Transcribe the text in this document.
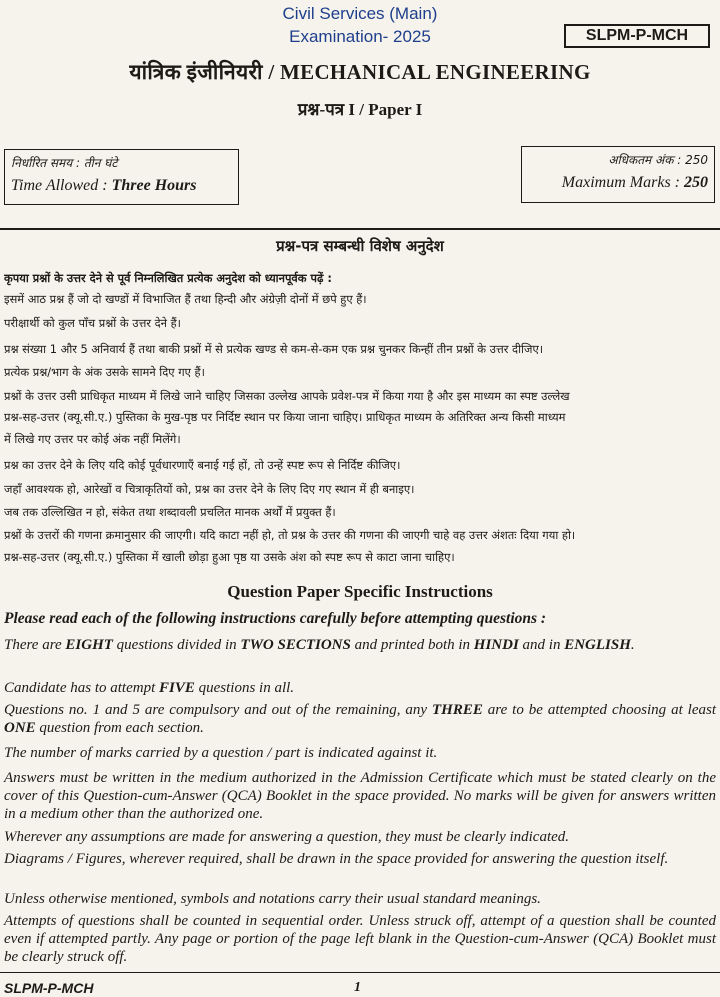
Civil Services (Main)
Examination- 2025	SLPM-P-MCH
यांत्रिक इंजीनियरी / MECHANICAL ENGINEERING
प्रश्न-पत्र I / Paper I
निर्धारित समय : तीन घंटे
Time Allowed : Three Hours
अधिकतम अंक : 250
Maximum Marks : 250
प्रश्न-पत्र सम्बन्धी विशेष अनुदेश
कृपया प्रश्नों के उत्तर देने से पूर्व निम्नलिखित प्रत्येक अनुदेश को ध्यानपूर्वक पढ़ें :
इसमें आठ प्रश्न हैं जो दो खण्डों में विभाजित हैं तथा हिन्दी और अंग्रेज़ी दोनों में छपे हुए हैं।
परीक्षार्थी को कुल पाँच प्रश्नों के उत्तर देने हैं।
प्रश्न संख्या 1 और 5 अनिवार्य हैं तथा बाकी प्रश्नों में से प्रत्येक खण्ड से कम-से-कम एक प्रश्न चुनकर किन्हीं तीन प्रश्नों के उत्तर दीजिए।
प्रत्येक प्रश्न/भाग के अंक उसके सामने दिए गए हैं।
प्रश्नों के उत्तर उसी प्राधिकृत माध्यम में लिखे जाने चाहिए जिसका उल्लेख आपके प्रवेश-पत्र में किया गया है और इस माध्यम का स्पष्ट उल्लेख
प्रश्न-सह-उत्तर (क्यू.सी.ए.) पुस्तिका के मुख-पृष्ठ पर निर्दिष्ट स्थान पर किया जाना चाहिए। प्राधिकृत माध्यम के अतिरिक्त अन्य किसी माध्यम
में लिखे गए उत्तर पर कोई अंक नहीं मिलेंगे।
प्रश्न का उत्तर देने के लिए यदि कोई पूर्वधारणाएँ बनाई गई हों, तो उन्हें स्पष्ट रूप से निर्दिष्ट कीजिए।
जहाँ आवश्यक हो, आरेखों व चित्राकृतियों को, प्रश्न का उत्तर देने के लिए दिए गए स्थान में ही बनाइए।
जब तक उल्लिखित न हो, संकेत तथा शब्दावली प्रचलित मानक अर्थों में प्रयुक्त हैं।
प्रश्नों के उत्तरों की गणना क्रमानुसार की जाएगी। यदि काटा नहीं हो, तो प्रश्न के उत्तर की गणना की जाएगी चाहे वह उत्तर अंशतः दिया गया हो।
प्रश्न-सह-उत्तर (क्यू.सी.ए.) पुस्तिका में खाली छोड़ा हुआ पृष्ठ या उसके अंश को स्पष्ट रूप से काटा जाना चाहिए।
Question Paper Specific Instructions
Please read each of the following instructions carefully before attempting questions :
There are EIGHT questions divided in TWO SECTIONS and printed both in HINDI and in ENGLISH.
Candidate has to attempt FIVE questions in all.
Questions no. 1 and 5 are compulsory and out of the remaining, any THREE are to be attempted choosing at least ONE question from each section.
The number of marks carried by a question / part is indicated against it.
Answers must be written in the medium authorized in the Admission Certificate which must be stated clearly on the cover of this Question-cum-Answer (QCA) Booklet in the space provided. No marks will be given for answers written in a medium other than the authorized one.
Wherever any assumptions are made for answering a question, they must be clearly indicated.
Diagrams / Figures, wherever required, shall be drawn in the space provided for answering the question itself.
Unless otherwise mentioned, symbols and notations carry their usual standard meanings.
Attempts of questions shall be counted in sequential order. Unless struck off, attempt of a question shall be counted even if attempted partly. Any page or portion of the page left blank in the Question-cum-Answer (QCA) Booklet must be clearly struck off.
SLPM-P-MCH	1
